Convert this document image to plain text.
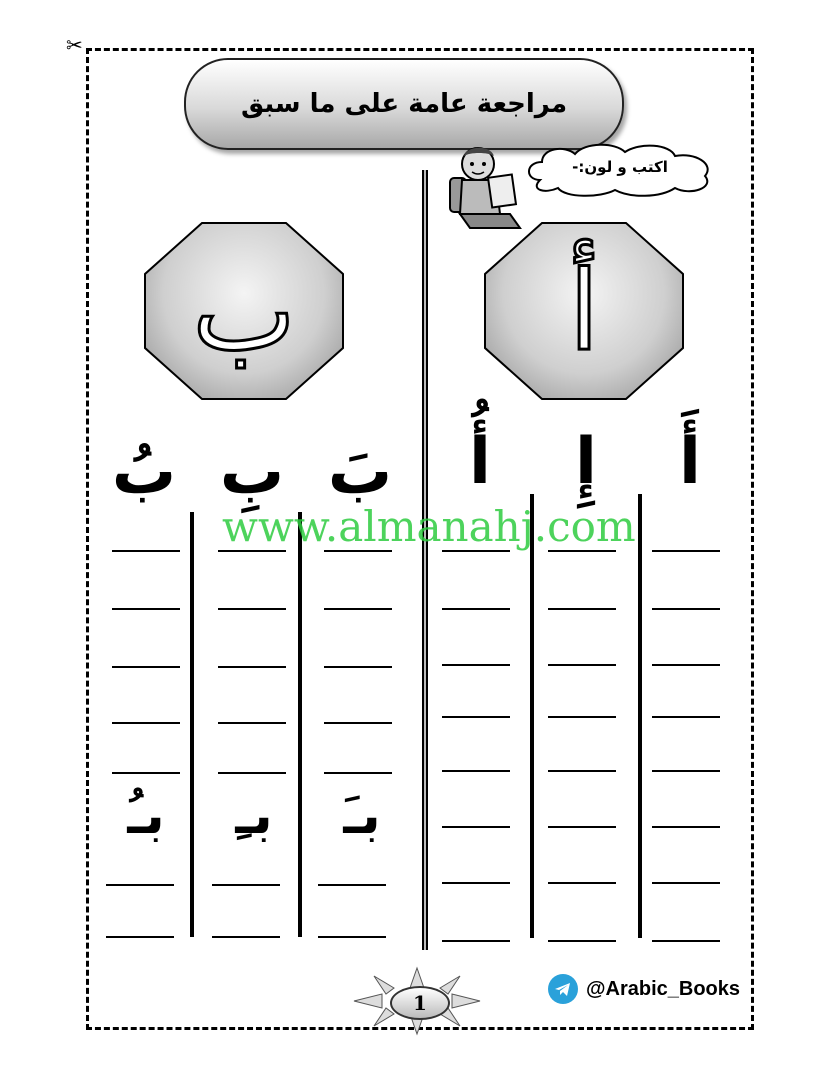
✂
مراجعة عامة على ما سبق
اكتب و لون:-
ب	أ
بُ بِ بَ	أُ	إِ	أَ
بـُ	بـِ	بـَ
www.almanahj.com
1
@Arabic_Books
